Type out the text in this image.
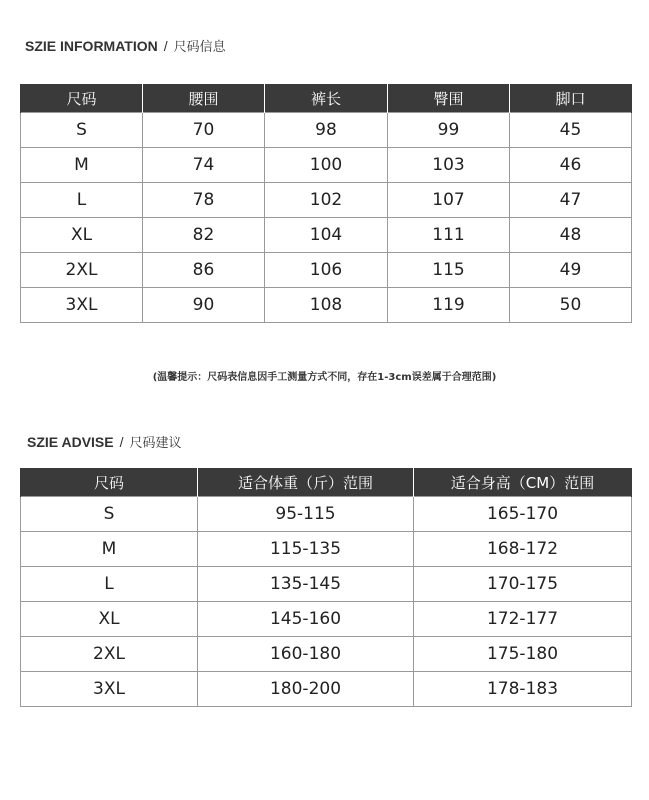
SZIE INFORMATION / 尺码信息
尺码	腰围	裤长	臀围	脚口
S	70	98	99	45
M	74	100	103	46
L	78	102	107	47
XL	82	104	111	48
2XL	86	106	115	49
3XL	90	108	119	50
(温馨提示：尺码表信息因手工测量方式不同，存在1-3cm误差属于合理范围)
SZIE ADVISE / 尺码建议
尺码	适合体重（斤）范围	适合身高（CM）范围
S	95-115	165-170
M	115-135	168-172
L	135-145	170-175
XL	145-160	172-177
2XL	160-180	175-180
3XL	180-200	178-183
